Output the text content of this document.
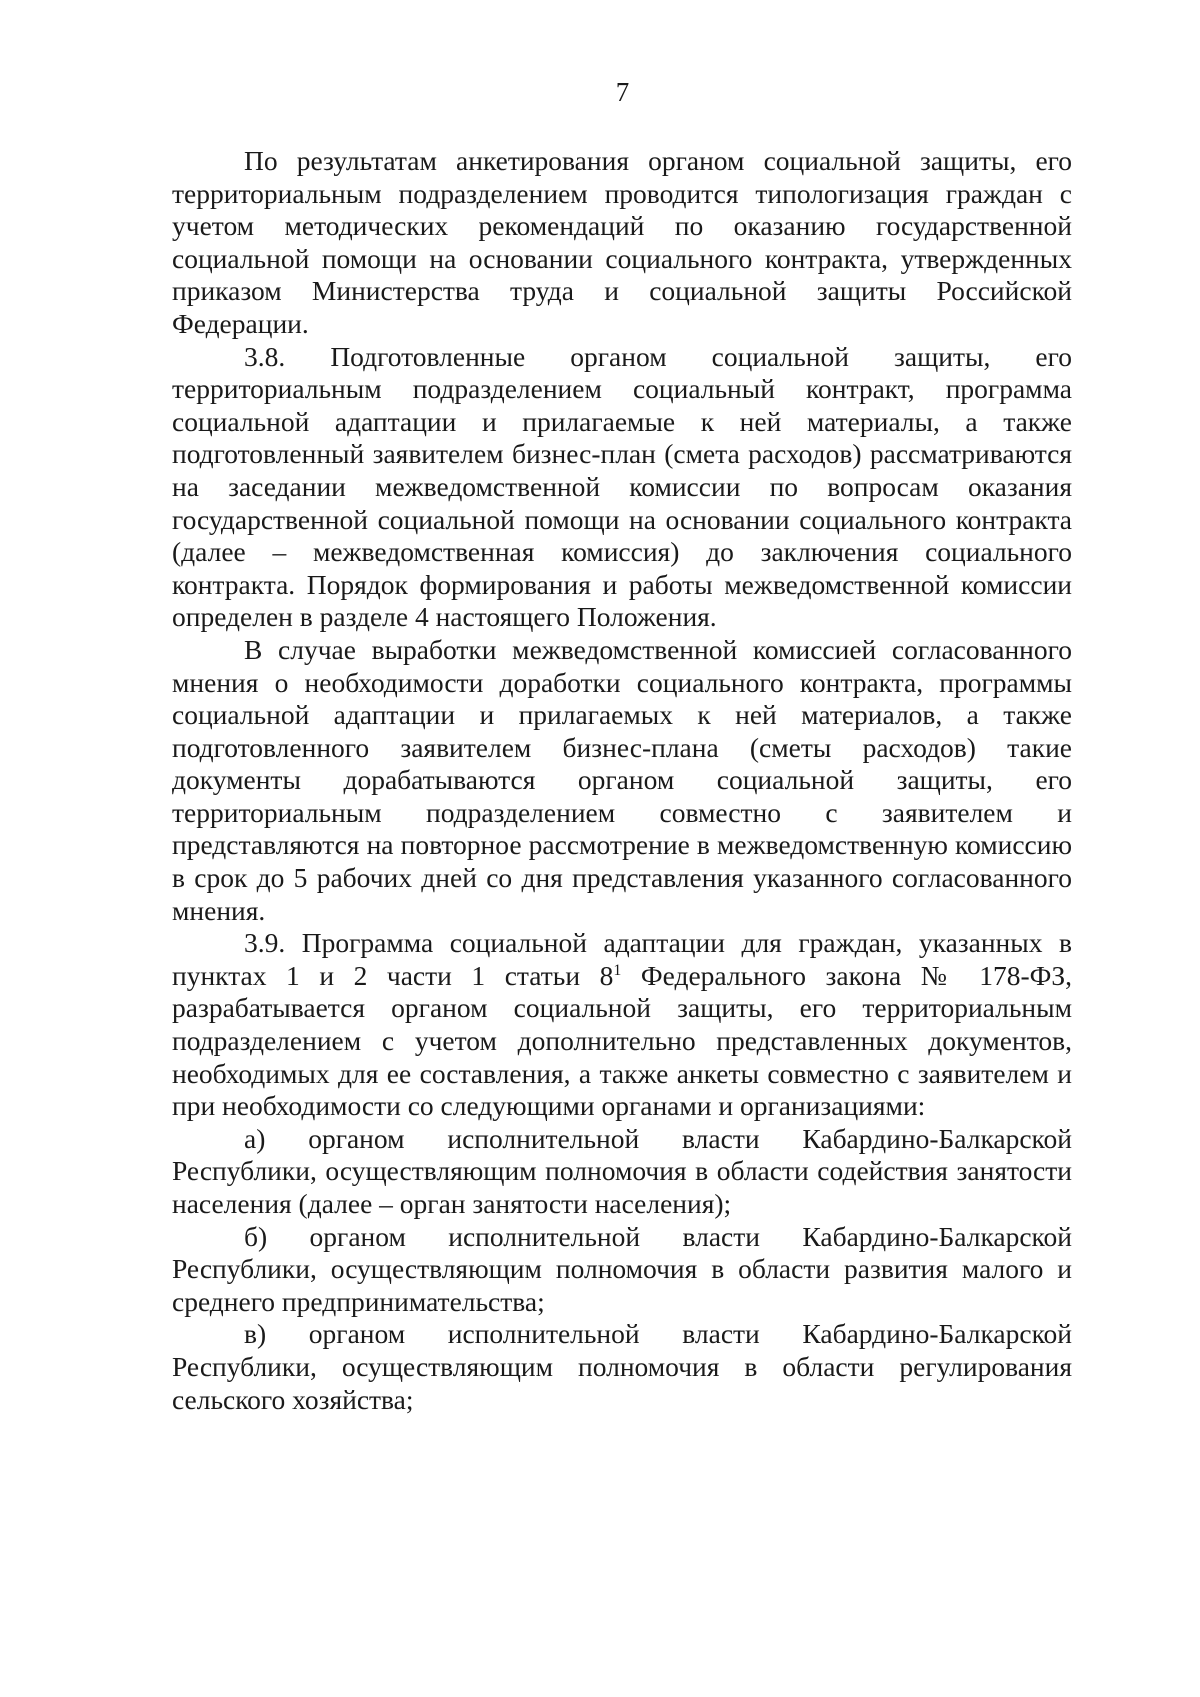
7

По результатам анкетирования органом социальной защиты, его территориальным подразделением проводится типологизация граждан с учетом методических рекомендаций по оказанию государственной социальной помощи на основании социального контракта, утвержденных приказом Министерства труда и социальной защиты Российской Федерации.

3.8. Подготовленные органом социальной защиты, его территориальным подразделением социальный контракт, программа социальной адаптации и прилагаемые к ней материалы, а также подготовленный заявителем бизнес-план (смета расходов) рассматриваются на заседании межведомственной комиссии по вопросам оказания государственной социальной помощи на основании социального контракта (далее – межведомственная комиссия) до заключения социального контракта. Порядок формирования и работы межведомственной комиссии определен в разделе 4 настоящего Положения.

В случае выработки межведомственной комиссией согласованного мнения о необходимости доработки социального контракта, программы социальной адаптации и прилагаемых к ней материалов, а также подготовленного заявителем бизнес-плана (сметы расходов) такие документы дорабатываются органом социальной защиты, его территориальным подразделением совместно с заявителем и представляются на повторное рассмотрение в межведомственную комиссию в срок до 5 рабочих дней со дня представления указанного согласованного мнения.

3.9. Программа социальной адаптации для граждан, указанных в пунктах 1 и 2 части 1 статьи $8^1$ Федерального закона № 178-ФЗ, разрабатывается органом социальной защиты, его территориальным подразделением с учетом дополнительно представленных документов, необходимых для ее составления, а также анкеты совместно с заявителем и при необходимости со следующими органами и организациями:

а) органом исполнительной власти Кабардино-Балкарской Республики, осуществляющим полномочия в области содействия занятости населения (далее – орган занятости населения);

б) органом исполнительной власти Кабардино-Балкарской Республики, осуществляющим полномочия в области развития малого и среднего предпринимательства;

в) органом исполнительной власти Кабардино-Балкарской Республики, осуществляющим полномочия в области регулирования сельского хозяйства;
